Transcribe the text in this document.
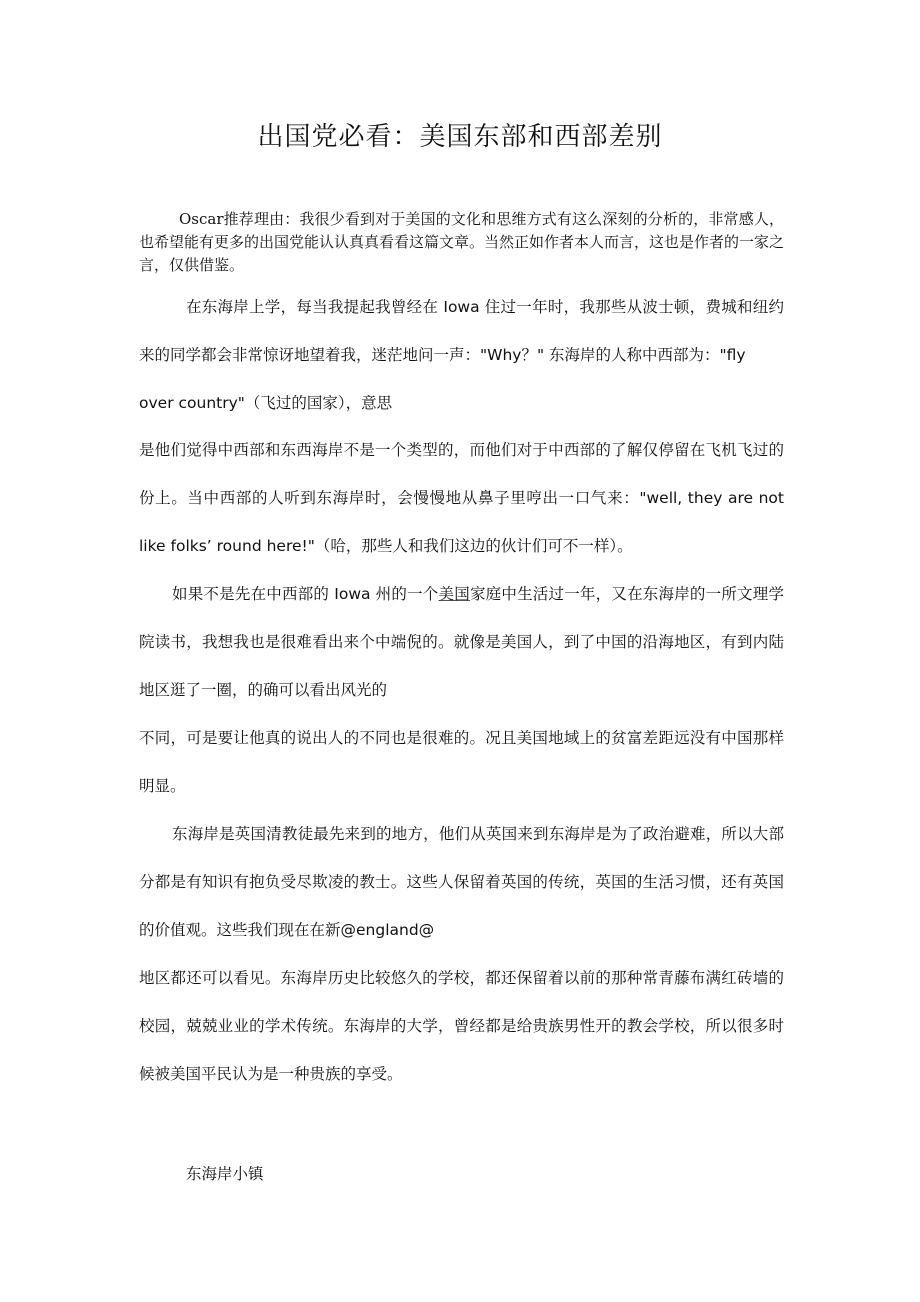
出国党必看：美国东部和西部差别

Oscar推荐理由：我很少看到对于美国的文化和思维方式有这么深刻的分析的，非常感人，也希望能有更多的出国党能认认真真看看这篇文章。当然正如作者本人而言，这也是作者的一家之言，仅供借鉴。

在东海岸上学，每当我提起我曾经在 Iowa 住过一年时，我那些从波士顿，费城和纽约来的同学都会非常惊讶地望着我，迷茫地问一声："Why？" 东海岸的人称中西部为："fly

over country"（飞过的国家），意思

是他们觉得中西部和东西海岸不是一个类型的，而他们对于中西部的了解仅停留在飞机飞过的份上。当中西部的人听到东海岸时，会慢慢地从鼻子里哼出一口气来："well, they are not like folks’ round here!"（哈，那些人和我们这边的伙计们可不一样）。

如果不是先在中西部的 Iowa 州的一个美国家庭中生活过一年，又在东海岸的一所文理学院读书，我想我也是很难看出来个中端倪的。就像是美国人，到了中国的沿海地区，有到内陆地区逛了一圈，的确可以看出风光的

不同，可是要让他真的说出人的不同也是很难的。况且美国地域上的贫富差距远没有中国那样明显。

东海岸是英国清教徒最先来到的地方，他们从英国来到东海岸是为了政治避难，所以大部分都是有知识有抱负受尽欺凌的教士。这些人保留着英国的传统，英国的生活习惯，还有英国的价值观。这些我们现在在新@england@

地区都还可以看见。东海岸历史比较悠久的学校，都还保留着以前的那种常青藤布满红砖墙的校园，兢兢业业的学术传统。东海岸的大学，曾经都是给贵族男性开的教会学校，所以很多时候被美国平民认为是一种贵族的享受。

东海岸小镇
